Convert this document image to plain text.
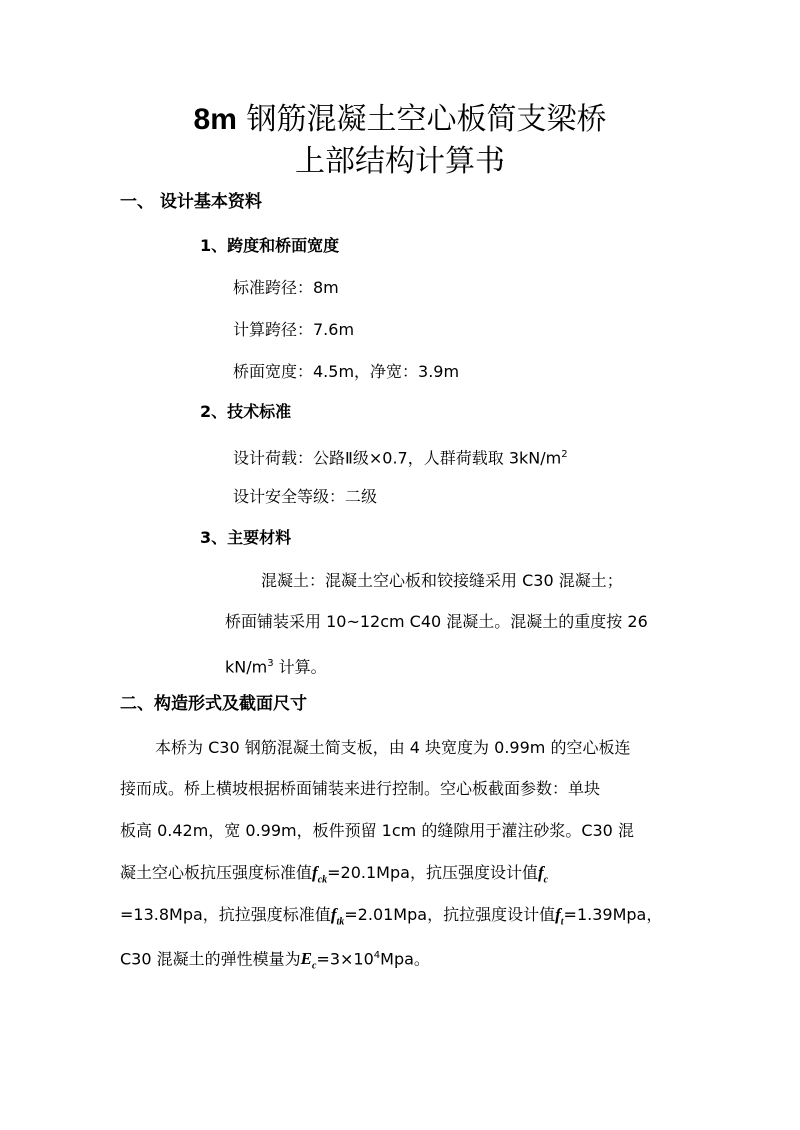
8m 钢筋混凝土空心板简支梁桥
上部结构计算书
一、 设计基本资料
1、跨度和桥面宽度
标准跨径：8m
计算跨径：7.6m
桥面宽度：4.5m，净宽：3.9m
2、技术标准
设计荷载：公路Ⅱ级×0.7，人群荷载取 $3kN/m^2$
设计安全等级：二级
3、主要材料
混凝土：混凝土空心板和铰接缝采用 C30 混凝土；
桥面铺装采用 10~12cm C40 混凝土。混凝土的重度按 26
$kN/m^3$ 计算。
二、构造形式及截面尺寸
本桥为 C30 钢筋混凝土简支板，由 4 块宽度为 0.99m 的空心板连
接而成。桥上横坡根据桥面铺装来进行控制。空心板截面参数：单块
板高 0.42m，宽 0.99m，板件预留 1cm 的缝隙用于灌注砂浆。C30 混
凝土空心板抗压强度标准值$f_{ck}=20.1Mpa$，抗压强度设计值$f_c$
=13.8Mpa，抗拉强度标准值$f_{tk}=2.01Mpa$，抗拉强度设计值$f_t=1.39Mpa$，
C30 混凝土的弹性模量为$E_c=3\times 10^4Mpa$。
